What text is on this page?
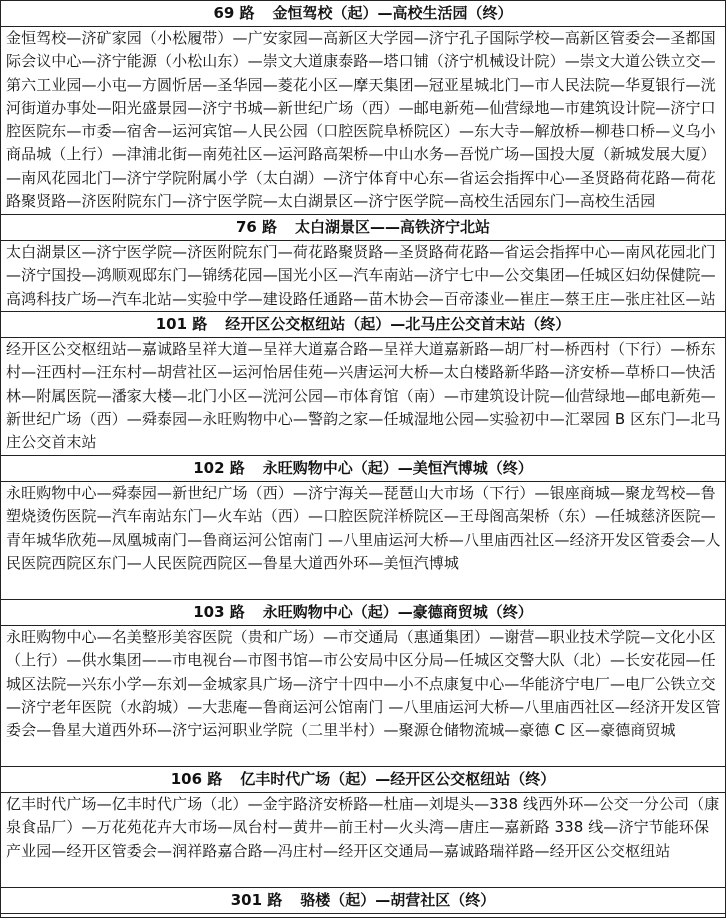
69 路 金恒驾校（起）—高校生活园（终）
金恒驾校—济矿家园（小松履带）—广安家园—高新区大学园—济宁孔子国际学校—高新区管委会—圣都国际会议中心—济宁能源（小松山东）—崇文大道康泰路—塔口铺（济宁机械设计院）—崇文大道公铁立交—第六工业园—小屯—方圆忻居—圣华园—菱花小区—摩天集团—冠亚星城北门—市人民法院—华夏银行—洸河街道办事处—阳光盛景园—济宁书城—新世纪广场（西）—邮电新苑—仙营绿地—市建筑设计院—济宁口腔医院东—市委—宿舍—运河宾馆—人民公园（口腔医院阜桥院区）—东大寺—解放桥—柳巷口桥—义乌小商品城（上行）—津浦北街—南苑社区—运河路高架桥—中山水务—吾悦广场—国投大厦（新城发展大厦）—南风花园北门—济宁学院附属小学（太白湖）—济宁体育中心东—省运会指挥中心—圣贤路荷花路—荷花路聚贤路—济医附院东门—济宁医学院—太白湖景区—济宁医学院—高校生活园东门—高校生活园
76 路 太白湖景区——高铁济宁北站
太白湖景区—济宁医学院—济医附院东门—荷花路聚贤路—圣贤路荷花路—省运会指挥中心—南风花园北门—济宁国投—鸿顺观邸东门—锦绣花园—国光小区—汽车南站—济宁七中—公交集团—任城区妇幼保健院—高鸿科技广场—汽车北站—实验中学—建设路任通路—苗木协会—百帝漆业—崔庄—蔡王庄—张庄社区—站
101 路 经开区公交枢纽站（起）—北马庄公交首末站（终）
经开区公交枢纽站—嘉诚路呈祥大道—呈祥大道嘉合路—呈祥大道嘉新路—胡厂村—桥西村（下行）—桥东村—汪西村—汪东村—胡营社区—运河怡居佳苑—兴唐运河大桥—太白楼路新华路—济安桥—草桥口—快活林—附属医院—潘家大楼—北门小区—洸河公园—市体育馆（南）—市建筑设计院—仙营绿地—邮电新苑—新世纪广场（西）—舜泰园—永旺购物中心—警韵之家—任城湿地公园—实验初中—汇翠园 B 区东门—北马庄公交首末站
102 路 永旺购物中心（起）—美恒汽博城（终）
永旺购物中心—舜泰园—新世纪广场（西）—济宁海关—琵琶山大市场（下行）—银座商城—聚龙驾校—鲁塑烧烫伤医院—汽车南站东门—火车站（西）—口腔医院洋桥院区—王母阁高架桥（东）—任城慈济医院—青年城华欣苑—凤凰城南门—鲁商运河公馆南门 —八里庙运河大桥—八里庙西社区—经济开发区管委会—人民医院西院区东门—人民医院西院区—鲁星大道西外环—美恒汽博城
103 路 永旺购物中心（起）—豪德商贸城（终）
永旺购物中心—名美整形美容医院（贵和广场）—市交通局（惠通集团）—谢营—职业技术学院—文化小区（上行）—供水集团——市电视台—市图书馆—市公安局中区分局—任城区交警大队（北）—长安花园—任城区法院—兴东小学—东刘—金城家具广场—济宁十四中—小不点康复中心—华能济宁电厂—电厂公铁立交—济宁老年医院（水韵城）—大悲庵—鲁商运河公馆南门 —八里庙运河大桥—八里庙西社区—经济开发区管委会—鲁星大道西外环—济宁运河职业学院（二里半村）—聚源仓储物流城—豪德 C 区—豪德商贸城
106 路 亿丰时代广场（起）—经开区公交枢纽站（终）
亿丰时代广场—亿丰时代广场（北）—金宇路济安桥路—杜庙—刘堤头—338 线西外环—公交一分公司（康泉食品厂）—万花苑花卉大市场—凤台村—黄井—前王村—火头湾—唐庄—嘉新路 338 线—济宁节能环保产业园—经开区管委会—润祥路嘉合路—冯庄村—经开区交通局—嘉诚路瑞祥路—经开区公交枢纽站
301 路 骆楼（起）—胡营社区（终）
